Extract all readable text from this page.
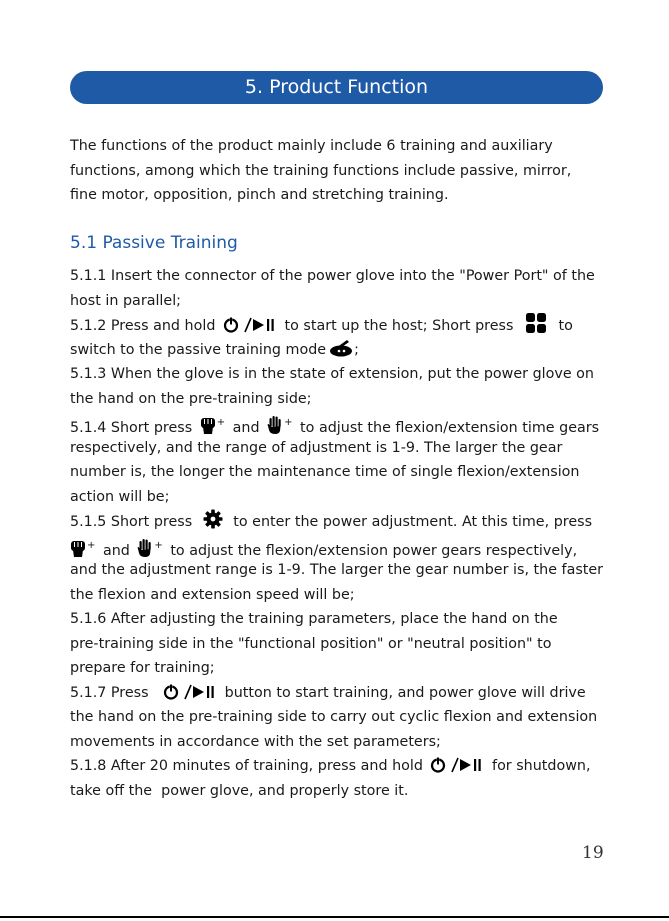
5. Product Function
The functions of the product mainly include 6 training and auxiliary
functions, among which the training functions include passive, mirror,
fine motor, opposition, pinch and stretching training.
5.1 Passive Training
5.1.1 Insert the connector of the power glove into the "Power Port" of the
host in parallel;
5.1.2 Press and hold	to start up the host; Short press	to
switch to the passive training mode ;
5.1.3 When the glove is in the state of extension, put the power glove on
the hand on the pre-training side;
5.1.4 Short press + and + to adjust the flexion/extension time gears
respectively, and the range of adjustment is 1-9. The larger the gear
number is, the longer the maintenance time of single flexion/extension
action will be;
5.1.5 Short press	to enter the power adjustment. At this time, press
+ and + to adjust the flexion/extension power gears respectively,
and the adjustment range is 1-9. The larger the gear number is, the faster
the flexion and extension speed will be;
5.1.6 After adjusting the training parameters, place the hand on the
pre-training side in the "functional position" or "neutral position" to
prepare for training;
5.1.7 Press	button to start training, and power glove will drive
the hand on the pre-training side to carry out cyclic flexion and extension
movements in accordance with the set parameters;
5.1.8 After 20 minutes of training, press and hold	for shutdown,
take off the  power glove, and properly store it.
19
